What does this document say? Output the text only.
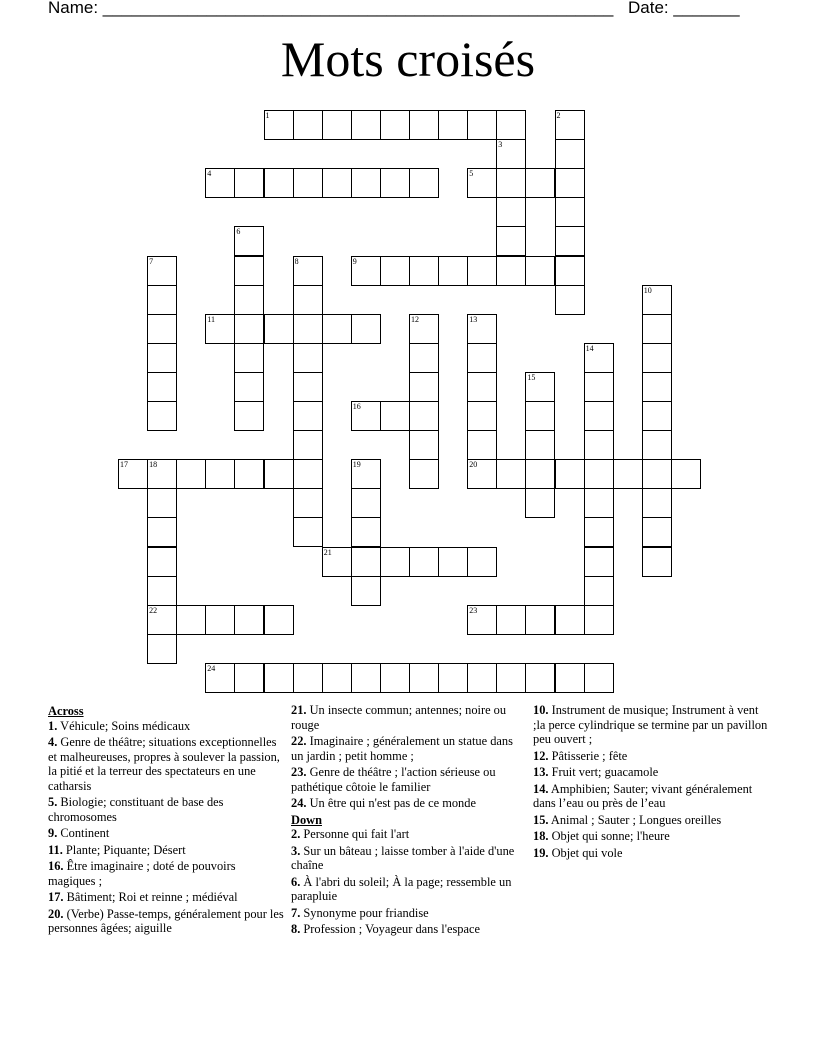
Name: ______________________________________________________ Date: _______
Mots croisés
1	2
3
4	5
6
7	8	9
10
11	12	13
14
15
16
17	18	19	20
21
22	23
24
Across
1. Véhicule; Soins médicaux
4. Genre de théâtre; situations exceptionnelles et malheureuses, propres à soulever la passion, la pitié et la terreur des spectateurs en une catharsis
5. Biologie; constituant de base des chromosomes
9. Continent
11. Plante; Piquante; Désert
16. Être imaginaire ; doté de pouvoirs magiques ;
17. Bâtiment; Roi et reinne ; médiéval
20. (Verbe) Passe-temps, généralement pour les personnes âgées; aiguille
21. Un insecte commun; antennes; noire ou rouge
22. Imaginaire ; généralement un statue dans un jardin ; petit homme ;
23. Genre de théâtre ; l'action sérieuse ou pathétique côtoie le familier
24. Un être qui n'est pas de ce monde
Down
2. Personne qui fait l'art
3. Sur un bâteau ; laisse tomber à l'aide d'une chaîne
6. À l'abri du soleil; À la page; ressemble un parapluie
7. Synonyme pour friandise
8. Profession ; Voyageur dans l'espace
10. Instrument de musique; Instrument à vent ;la perce cylindrique se termine par un pavillon peu ouvert ;
12. Pâtisserie ; fête
13. Fruit vert; guacamole
14. Amphibien; Sauter; vivant généralement dans l’eau ou près de l’eau
15. Animal ; Sauter ; Longues oreilles
18. Objet qui sonne; l'heure
19. Objet qui vole
